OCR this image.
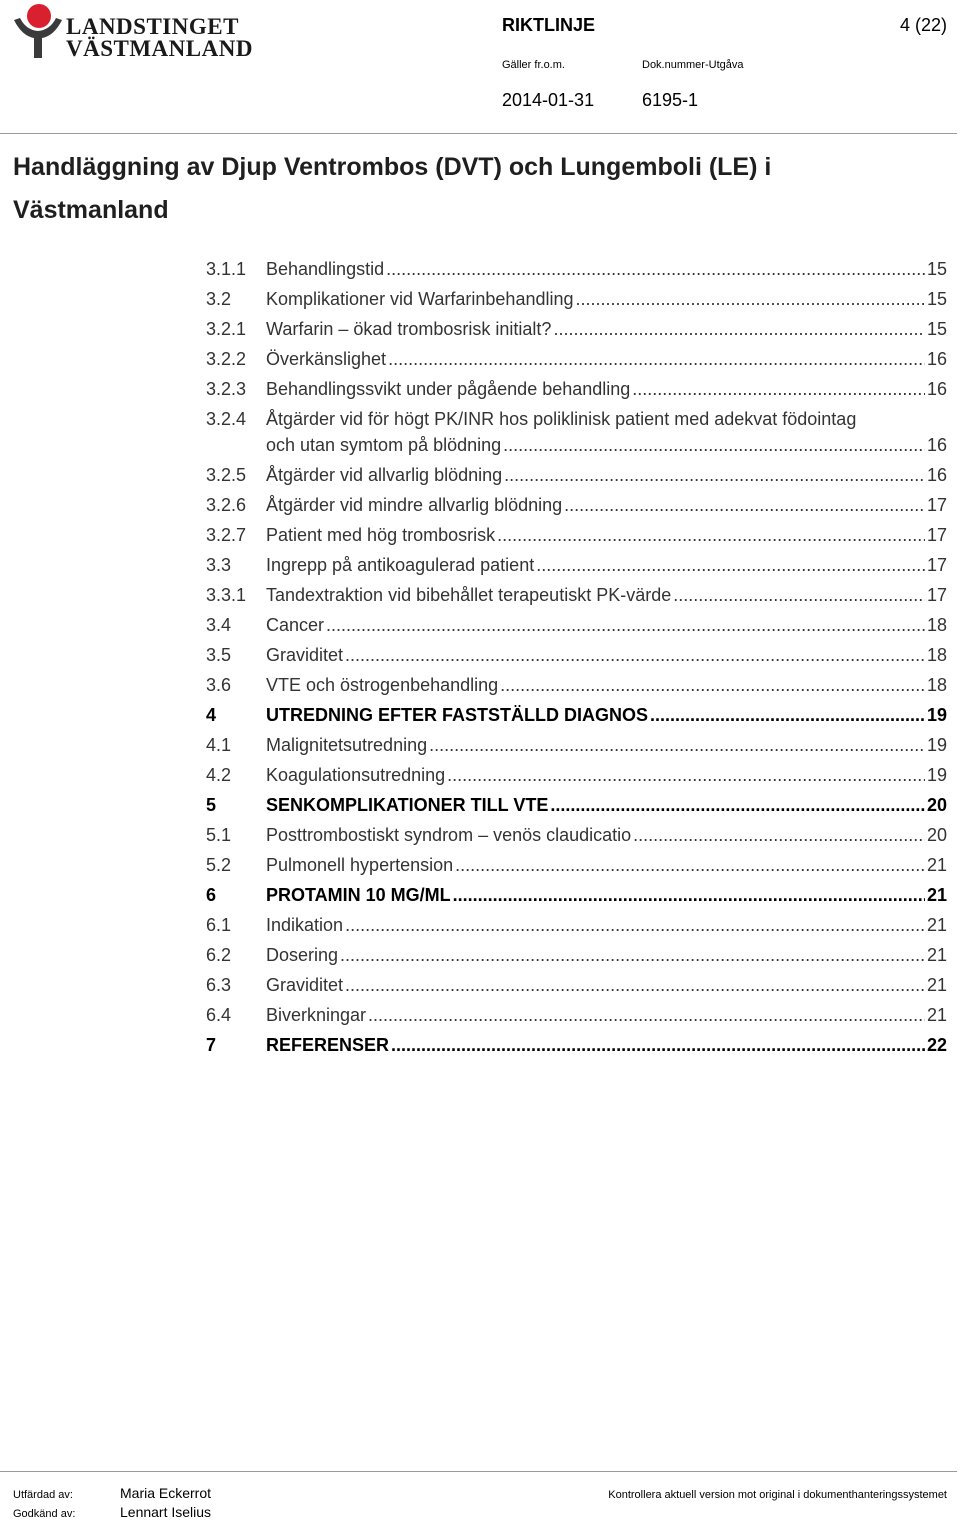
LANDSTINGET
VÄSTMANLAND
RIKTLINJE	4 (22)
Gäller fr.o.m.	Dok.nummer-Utgåva
2014-01-31	6195-1
Handläggning av Djup Ventrombos (DVT) och Lungemboli (LE) i Västmanland
3.1.1	Behandlingstid .....	15
3.2	Komplikationer vid Warfarinbehandling .....	15
3.2.1	Warfarin – ökad trombosrisk initialt? .....	15
3.2.2	Överkänslighet .....	16
3.2.3	Behandlingssvikt under pågående behandling .....	16
3.2.4	Åtgärder vid för högt PK/INR hos poliklinisk patient med adekvat födointag
och utan symtom på blödning .....	16
3.2.5	Åtgärder vid allvarlig blödning .....	16
3.2.6	Åtgärder vid mindre allvarlig blödning .....	17
3.2.7	Patient med hög trombosrisk .....	17
3.3	Ingrepp på antikoagulerad patient .....	17
3.3.1	Tandextraktion vid bibehållet terapeutiskt PK-värde .....	17
3.4	Cancer .....	18
3.5	Graviditet .....	18
3.6	VTE och östrogenbehandling .....	18
4	UTREDNING EFTER FASTSTÄLLD DIAGNOS .....	19
4.1	Malignitetsutredning .....	19
4.2	Koagulationsutredning .....	19
5	SENKOMPLIKATIONER TILL VTE .....	20
5.1	Posttrombostiskt syndrom – venös claudicatio .....	20
5.2	Pulmonell hypertension .....	21
6	PROTAMIN 10 MG/ML .....	21
6.1	Indikation .....	21
6.2	Dosering .....	21
6.3	Graviditet .....	21
6.4	Biverkningar .....	21
7	REFERENSER .....	22
Utfärdad av:	Maria Eckerrot
Godkänd av:	Lennart Iselius
Kontrollera aktuell version mot original i dokumenthanteringssystemet
